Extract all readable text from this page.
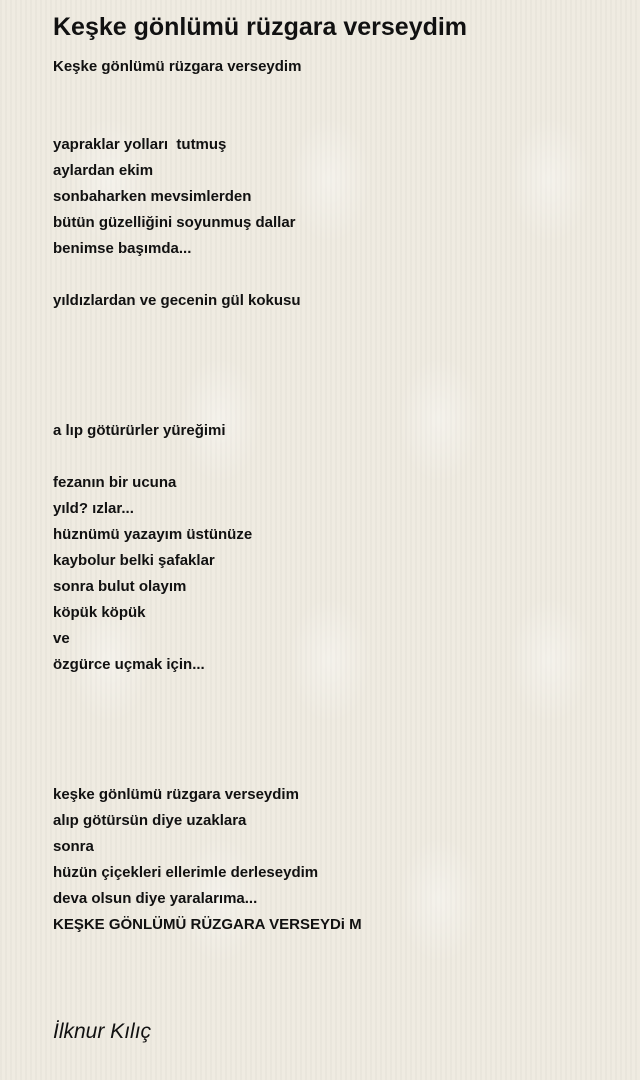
Keşke gönlümü rüzgara verseydim
Keşke gönlümü rüzgara verseydim
yapraklar yolları  tutmuş
aylardan ekim
sonbaharken mevsimlerden
bütün güzelliğini soyunmuş dallar
benimse başımda...
yıldızlardan ve gecenin gül kokusu
a lıp götürürler yüreğimi
fezanın bir ucuna
yıld? ızlar...
hüznümü yazayım üstünüze
kaybolur belki şafaklar
sonra bulut olayım
köpük köpük
ve
özgürce uçmak için...
keşke gönlümü rüzgara verseydim
alıp götürsün diye uzaklara
sonra
hüzün çiçekleri ellerimle derleseydim
deva olsun diye yaralarıma...
KEŞKE GÖNLÜMÜ RÜZGARA VERSEYDi M
İlknur Kılıç
